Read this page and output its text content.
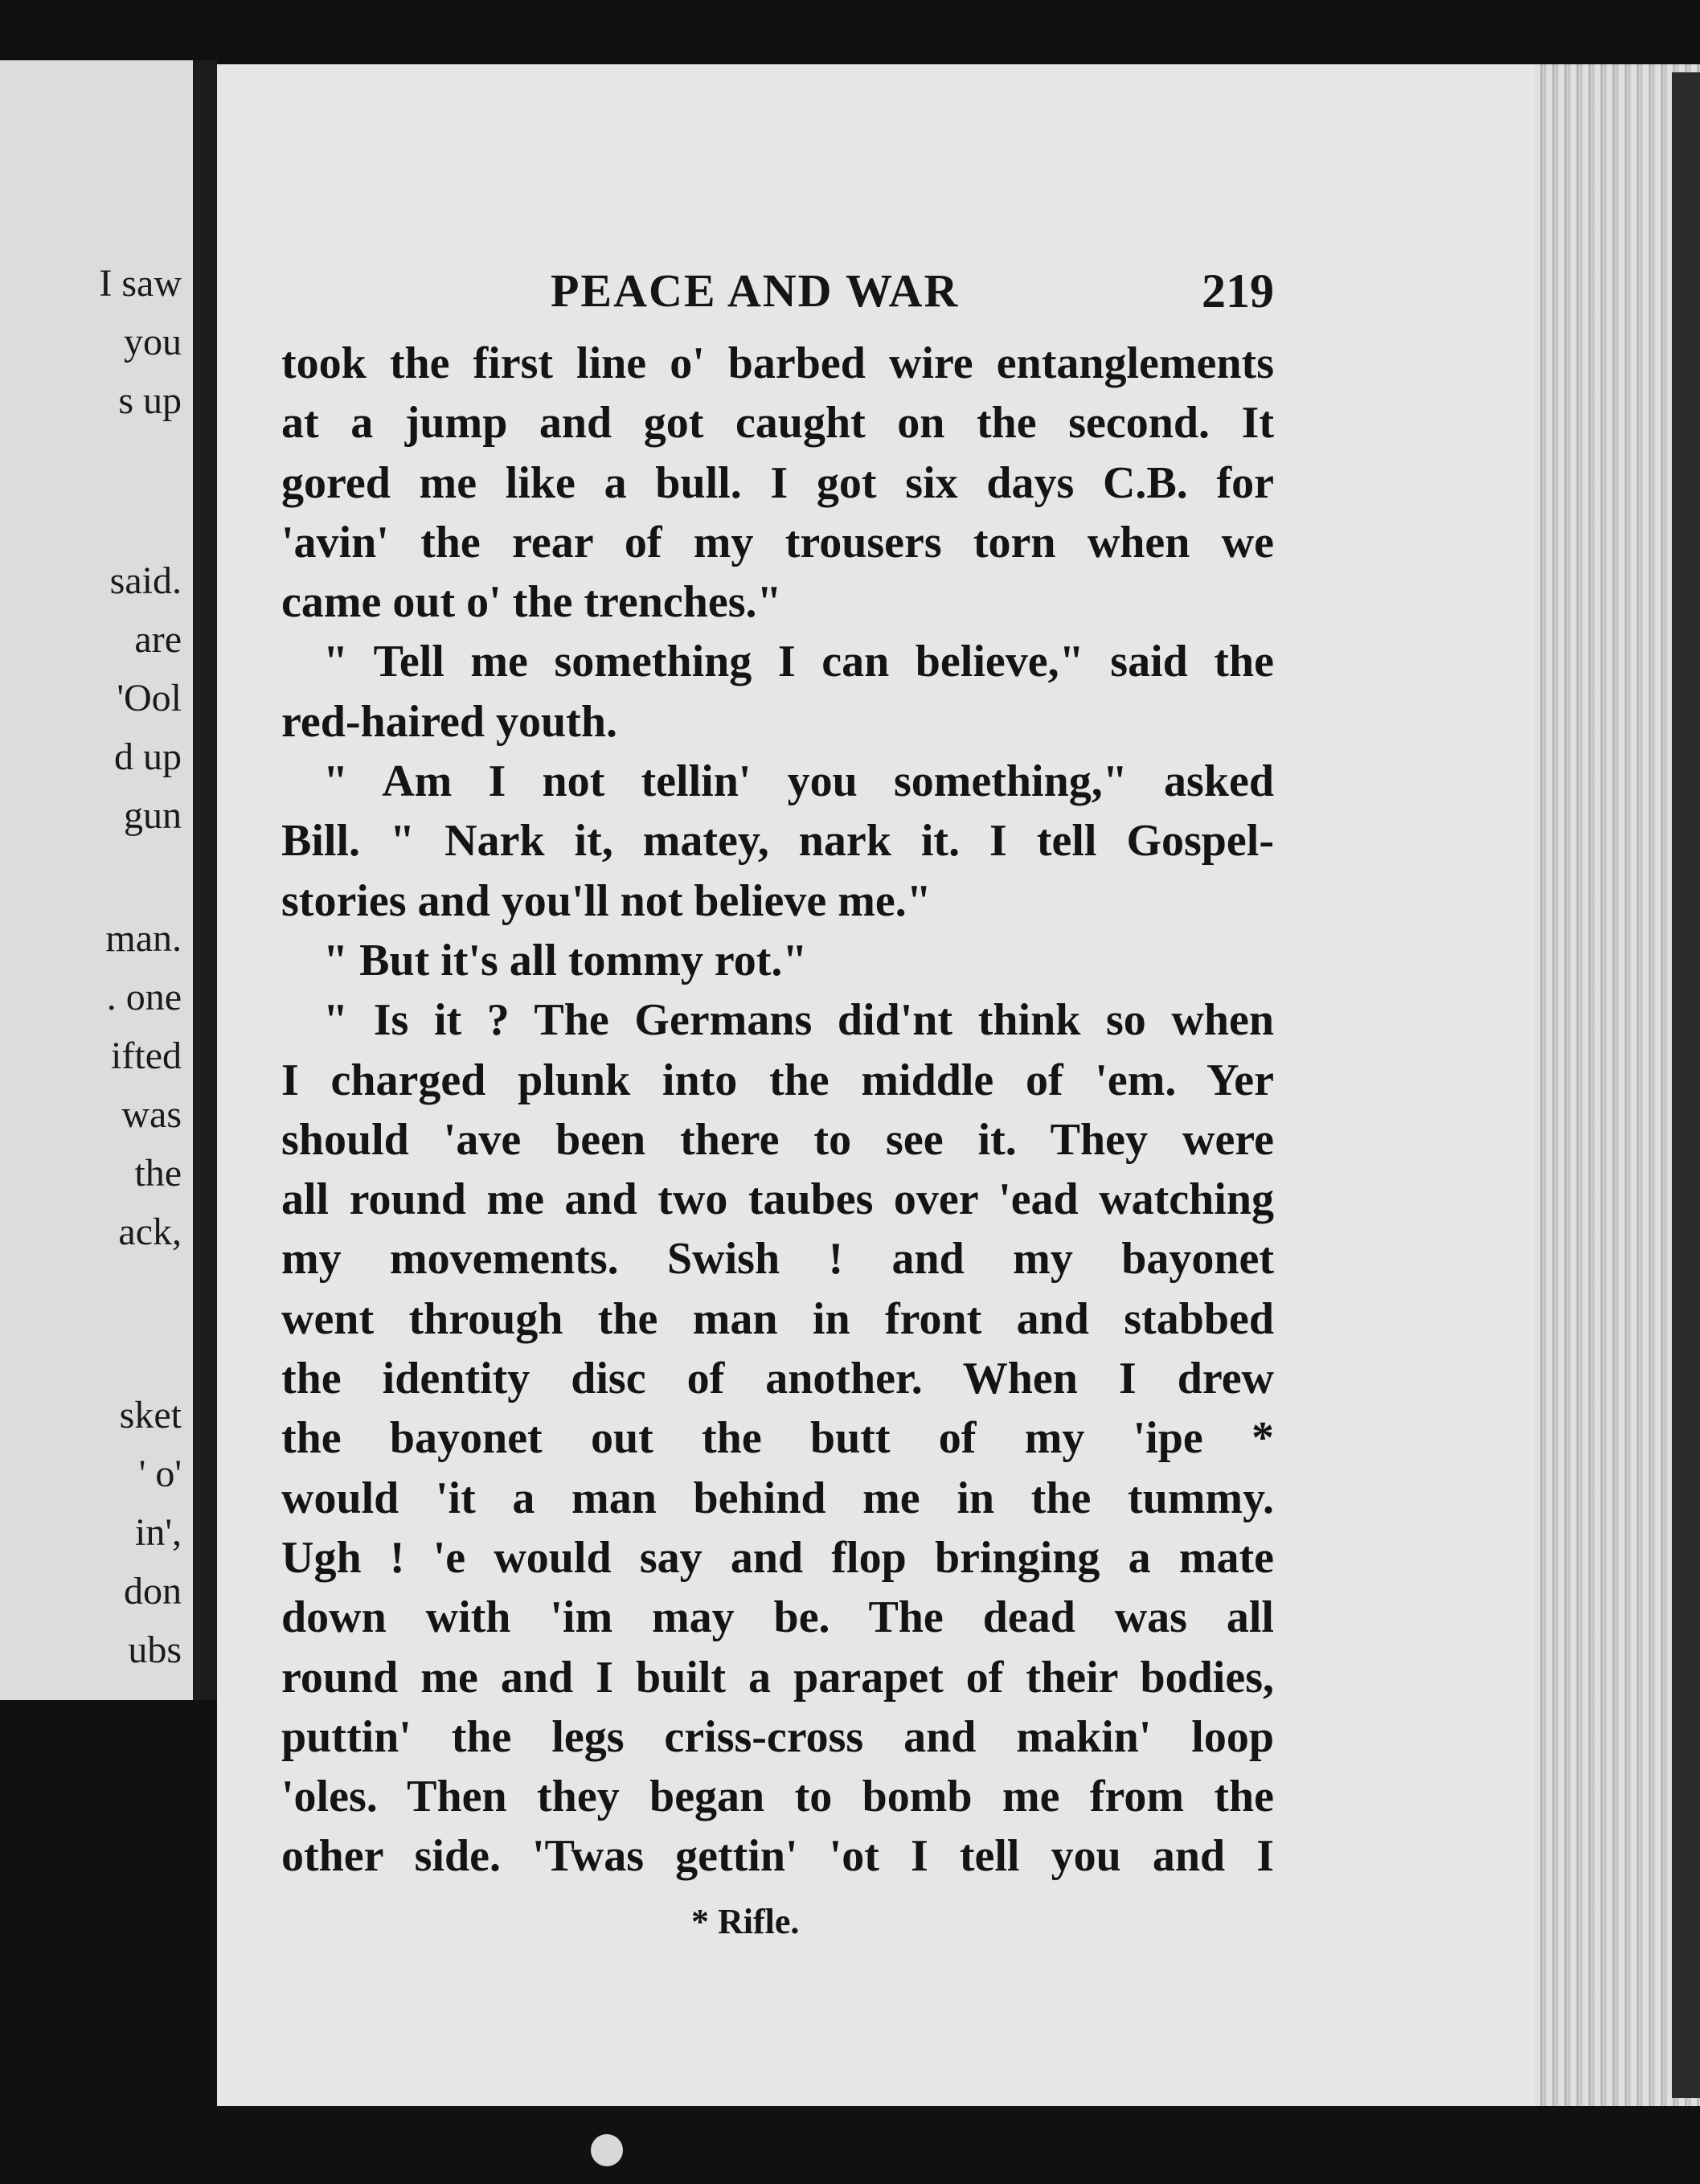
I saw
you
s up
said.
are
'Ool
d up
gun
man.
. one
ifted
was
the
ack,
sket
' o'
in',
don
ubs
PEACE AND WAR	219
took the first line o' barbed wire entanglements
at a jump and got caught on the second. It
gored me like a bull. I got six days C.B. for
'avin' the rear of my trousers torn when we
came out o' the trenches."
" Tell me something I can believe," said the
red-haired youth.
" Am I not tellin' you something," asked
Bill. " Nark it, matey, nark it. I tell Gospel-
stories and you'll not believe me."
" But it's all tommy rot."
" Is it ? The Germans did'nt think so when
I charged plunk into the middle of 'em. Yer
should 'ave been there to see it. They were
all round me and two taubes over 'ead watching
my movements. Swish ! and my bayonet
went through the man in front and stabbed
the identity disc of another. When I drew
the bayonet out the butt of my 'ipe *
would 'it a man behind me in the tummy.
Ugh ! 'e would say and flop bringing a mate
down with 'im may be. The dead was all
round me and I built a parapet of their bodies,
puttin' the legs criss-cross and makin' loop
'oles. Then they began to bomb me from the
other side. 'Twas gettin' 'ot I tell you and I
* Rifle.
